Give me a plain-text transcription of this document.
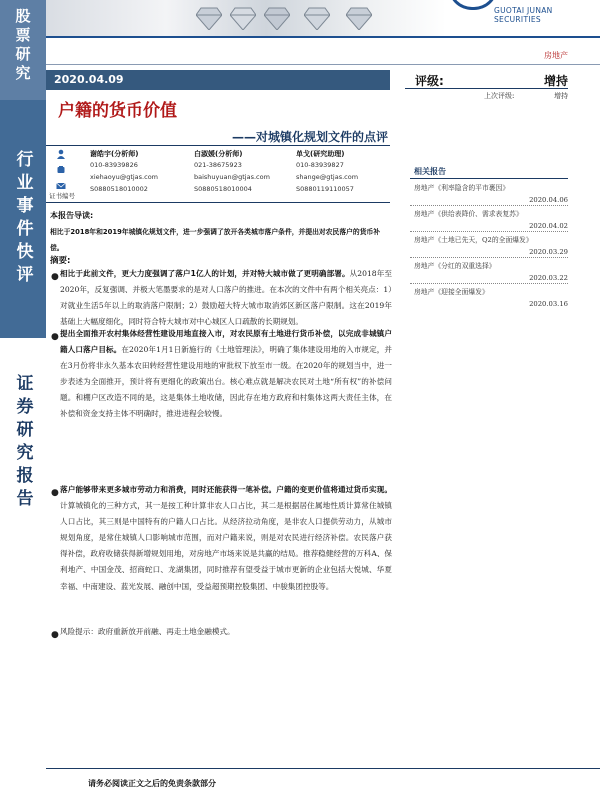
股票研究
行业事件快评
证券研究报告
GUOTAI JUNAN SECURITIES
房地产
2020.04.09
户籍的货币价值
——对城镇化规划文件的点评

证书编号
谢皓宇(分析师)
010-83939826
xiehaoyu@gtjas.com
S0880518010002
白淑媛(分析师)
021-38675923
baishuyuan@gtjas.com
S0880518010004
单戈(研究助理)
010-83939827
shange@gtjas.com
S0880119110057
本报告导读:
相比于2018年和2019年城镇化规划文件，进一步强调了放开各类城市落户条件，并提出对农民落户的货币补偿。
摘要:
● 相比于此前文件，更大力度强调了落户1亿人的计划，并对特大城市做了更明确部署。从2018年至2020年，反复强调、并极大笔墨要求的是对人口落户的推进。在本次的文件中有两个相关亮点：1）对就业生活5年以上的取消落户限制；2）鼓励超大特大城市取消郊区新区落户限制。这在2019年基础上大幅度细化，同时符合特大城市对中心城区人口疏散的长期规划。
● 提出全面推开农村集体经营性建设用地直接入市，对农民原有土地进行货币补偿，以完成非城镇户籍人口落户目标。在2020年1月1日新施行的《土地管理法》，明确了集体建设用地的入市规定，并在3月份将非永久基本农田转经营性建设用地的审批权下放至市一级。在2020年的规划当中，进一步表述为全面推开，预计将有更细化的政策出台。核心难点就是解决农民对土地“所有权”的补偿问题。和棚户区改造不同的是，这是集体土地收储，因此存在地方政府和村集体这两大责任主体，在补偿和资金支持主体不明确时，推进进程会较慢。
● 落户能够带来更多城市劳动力和消费，同时还能获得一笔补偿。户籍的变更价值将通过货币实现。计算城镇化的三种方式，其一是按工种计算非农人口占比，其二是根据居住属地性质计算常住城镇人口占比，其三则是中国特有的户籍人口占比。从经济拉动角度，是非农人口提供劳动力，从城市规划角度，是常住城镇人口影响城市范围，而对户籍来说，则是对农民进行经济补偿。农民落户获得补偿，政府收储获得新增规划用地，对房地产市场来说是共赢的结局。推荐稳健经营的万科A、保利地产、中国金茂、招商蛇口、龙湖集团，同时推荐有望受益于城市更新的企业包括大悦城、华夏幸福、中南建设、蓝光发展、融创中国，受益超预期控股集团、中骏集团控股等。
● 风险提示：政府重新放开前融、再走土地金融模式。
请务必阅读正文之后的免责条款部分
评级:	增持
上次评级:	增持
相关报告
房地产《利率隐含的平市裹因》
2020.04.06
房地产《供给表降价、需求表复苏》
2020.04.02
房地产《土地已先天，Q2的全面爆发》
2020.03.29
房地产《分红的双重选择》
2020.03.22
房地产《迎接全面爆发》
2020.03.16
